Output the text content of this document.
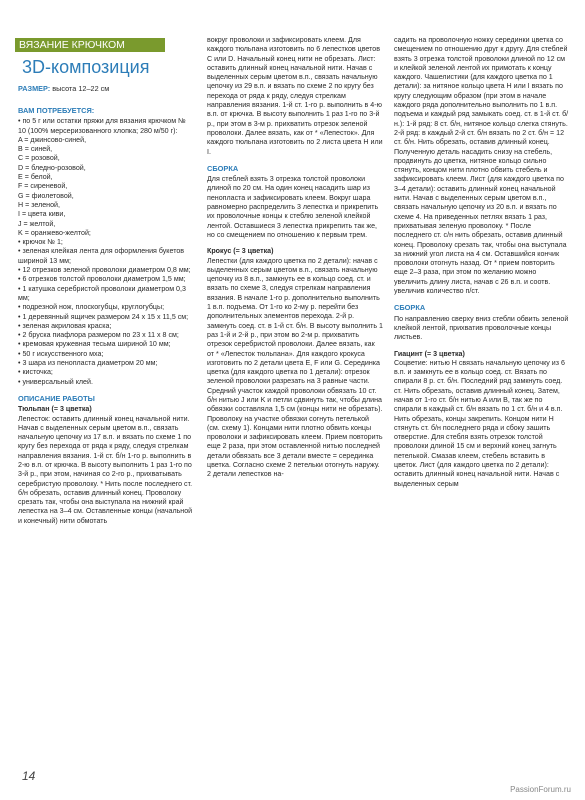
ВЯЗАНИЕ КРЮЧКОМ
3D-композиция
РАЗМЕР: высота 12–22 см
ВАМ ПОТРЕБУЕТСЯ:
• по 5 г или остатки пряжи для вязания крючком № 10 (100% мерсеризованного хлопка; 280 м/50 г):
A = джинсово-синей,
B = синей,
C = розовой,
D = бледно-розовой,
E = белой,
F = сиреневой,
G = фиолетовой,
H = зеленой,
I = цвета киви,
J = желтой,
K = оранжево-желтой;
• крючок № 1;
• зеленая клейкая лента для оформления букетов шириной 13 мм;
• 12 отрезков зеленой проволоки диаметром 0,8 мм;
• 6 отрезков толстой проволоки диаметром 1,5 мм;
• 1 катушка серебристой проволоки диаметром 0,3 мм;
• подрезной нож, плоскогубцы, круглогубцы;
• 1 деревянный ящичек размером 24 x 15 x 11,5 см;
• зеленая акриловая краска;
• 2 бруска пиафлора размером по 23 x 11 x 8 см;
• кремовая кружевная тесьма шириной 10 мм;
• 50 г искусственного мха;
• 3 шара из пенопласта диаметром 20 мм;
• кисточка;
• универсальный клей.
ОПИСАНИЕ РАБОТЫ

Тюльпан (= 3 цветка)

Лепесток: оставить длинный конец начальной нити. Начав с выделенных серым цветом в.п., связать начальную цепочку из 17 в.п. и вязать по схеме 1 по кругу без перехода от ряда к ряду, следуя стрелкам направления вязания. 1-й ст. б/н 1-го р. выполнить в 2-ю в.п. от крючка. В высоту выполнить 1 раз 1-го по 3-й р., при этом, начиная со 2-го р., прихватывать серебристую проволоку. * Нить после последнего ст. б/н обрезать, оставив длинный конец. Проволоку срезать так, чтобы она выступала на нижний край лепестка на 3–4 см. Оставленные концы (начальной и конечный) нити обмотать

вокруг проволоки и зафиксировать клеем. Для каждого тюльпана изготовить по 6 лепестков цветов C или D. Начальный конец нити не обрезать. Лист: оставить длинный конец начальной нити. Начав с выделенных серым цветом в.п., связать начальную цепочку из 29 в.п. и вязать по схеме 2 по кругу без перехода от ряда к ряду, следуя стрелкам направления вязания. 1-й ст. 1-го р. выполнить в 4-ю в.п. от крючка. В высоту выполнить 1 раз 1-го по 3-й р., при этом в 3-м р. прихватить отрезок зеленой проволоки. Далее вязать, как от * «Лепесток». Для каждого тюльпана изготовить по 2 листа цвета H или I.

СБОРКА

Для стеблей взять 3 отрезка толстой проволоки длиной по 20 см. На один конец насадить шар из пенопласта и зафиксировать клеем. Вокруг шара равномерно распределить 3 лепестка и прикрепить их проволочные концы к стеблю зеленой клейкой лентой. Оставшиеся 3 лепестка прикрепить так же, но со смещением по отношению к первым трем.

Крокус (= 3 цветка)

Лепестки (для каждого цветка по 2 детали): начав с выделенных серым цветом в.п., связать начальную цепочку из 8 в.п., замкнуть ее в кольцо соед. ст. и вязать по схеме 3, следуя стрелкам направления вязания. В начале 1-го р. дополнительно выполнить 1 в.п. подъема. От 1-го ко 2-му р. перейти без дополнительных элементов перехода. 2-й р. замкнуть соед. ст. в 1-й ст. б/н. В высоту выполнить 1 раз 1-й и 2-й р., при этом во 2-м р. прихватить отрезок серебристой проволоки. Далее вязать, как от * «Лепесток тюльпана». Для каждого крокуса изготовить по 2 детали цвета E, F или G. Серединка цветка (для каждого цветка по 1 детали): отрезок зеленой проволоки разрезать на 3 равные части. Средний участок каждой проволоки обвязать 10 ст. б/н нитью J или K и петли сдвинуть так, чтобы длина обвязки составляла 1,5 см (концы нити не обрезать). Проволоку на участке обвязки согнуть петелькой (см. схему 1). Концами нити плотно обвить концы проволоки и зафиксировать клеем. Прием повторить еще 2 раза, при этом оставленной нитью последней детали обвязать все 3 детали вместе = серединка цветка. Согласно схеме 2 петельки отогнуть наружу. 2 детали лепестков на-

садить на проволочную ножку серединки цветка со смещением по отношению друг к другу. Для стеблей взять 3 отрезка толстой проволоки длиной по 12 см и клейкой зеленой лентой их примотать к концу каждого. Чашелистики (для каждого цветка по 1 детали): за нитяное кольцо цвета H или I вязать по кругу следующим образом (при этом в начале каждого ряда дополнительно выполнить по 1 в.п. подъема и каждый ряд замыкать соед. ст. в 1-й ст. б/н.): 1-й ряд: 8 ст. б/н, нитяное кольцо слегка стянуть. 2-й ряд: в каждый 2-й ст. б/н вязать по 2 ст. б/н = 12 ст. б/н. Нить обрезать, оставив длинный конец. Полученную деталь насадить снизу на стебель, продвинуть до цветка, нитяное кольцо сильно стянуть, концом нити плотно обвить стебель и зафиксировать клеем. Лист (для каждого цветка по 3–4 детали): оставить длинный конец начальной нити. Начав с выделенных серым цветом в.п., связать начальную цепочку из 20 в.п. и вязать по схеме 4. На приведенных петлях вязать 1 раз, прихватывая зеленую проволоку. * После последнего ст. с/н нить обрезать, оставив длинный конец. Проволоку срезать так, чтобы она выступала за нижний угол листа на 4 см. Оставшийся кончик проволоки отогнуть назад. От * прием повторить еще 2–3 раза, при этом по желанию можно увеличить длину листа, начав с 26 в.п. и соотв. увеличив количество п/ст.

СБОРКА

По направлению сверху вниз стебли обвить зеленой клейкой лентой, прихватив проволочные концы листьев.

Гиацинт (= 3 цветка)

Соцветие: нитью H связать начальную цепочку из 6 в.п. и замкнуть ее в кольцо соед. ст. Вязать по спирали 8 р. ст. б/н. Последний ряд замкнуть соед. ст. Нить обрезать, оставив длинный конец. Затем, начав от 1-го ст. б/н нитью A или B, так же по спирали в каждый ст. б/н вязать по 1 ст. б/н и 4 в.п. Нить обрезать, концы закрепить. Концом нити H стянуть ст. б/н последнего ряда и сбоку зашить отверстие. Для стебля взять отрезок толстой проволоки длиной 15 см и верхний конец загнуть петелькой. Смазав клеем, стебель вставить в цветок. Лист (для каждого цветка по 2 детали): оставить длинный конец начальной нити. Начав с выделенных серым

14
PassionForum.ru
